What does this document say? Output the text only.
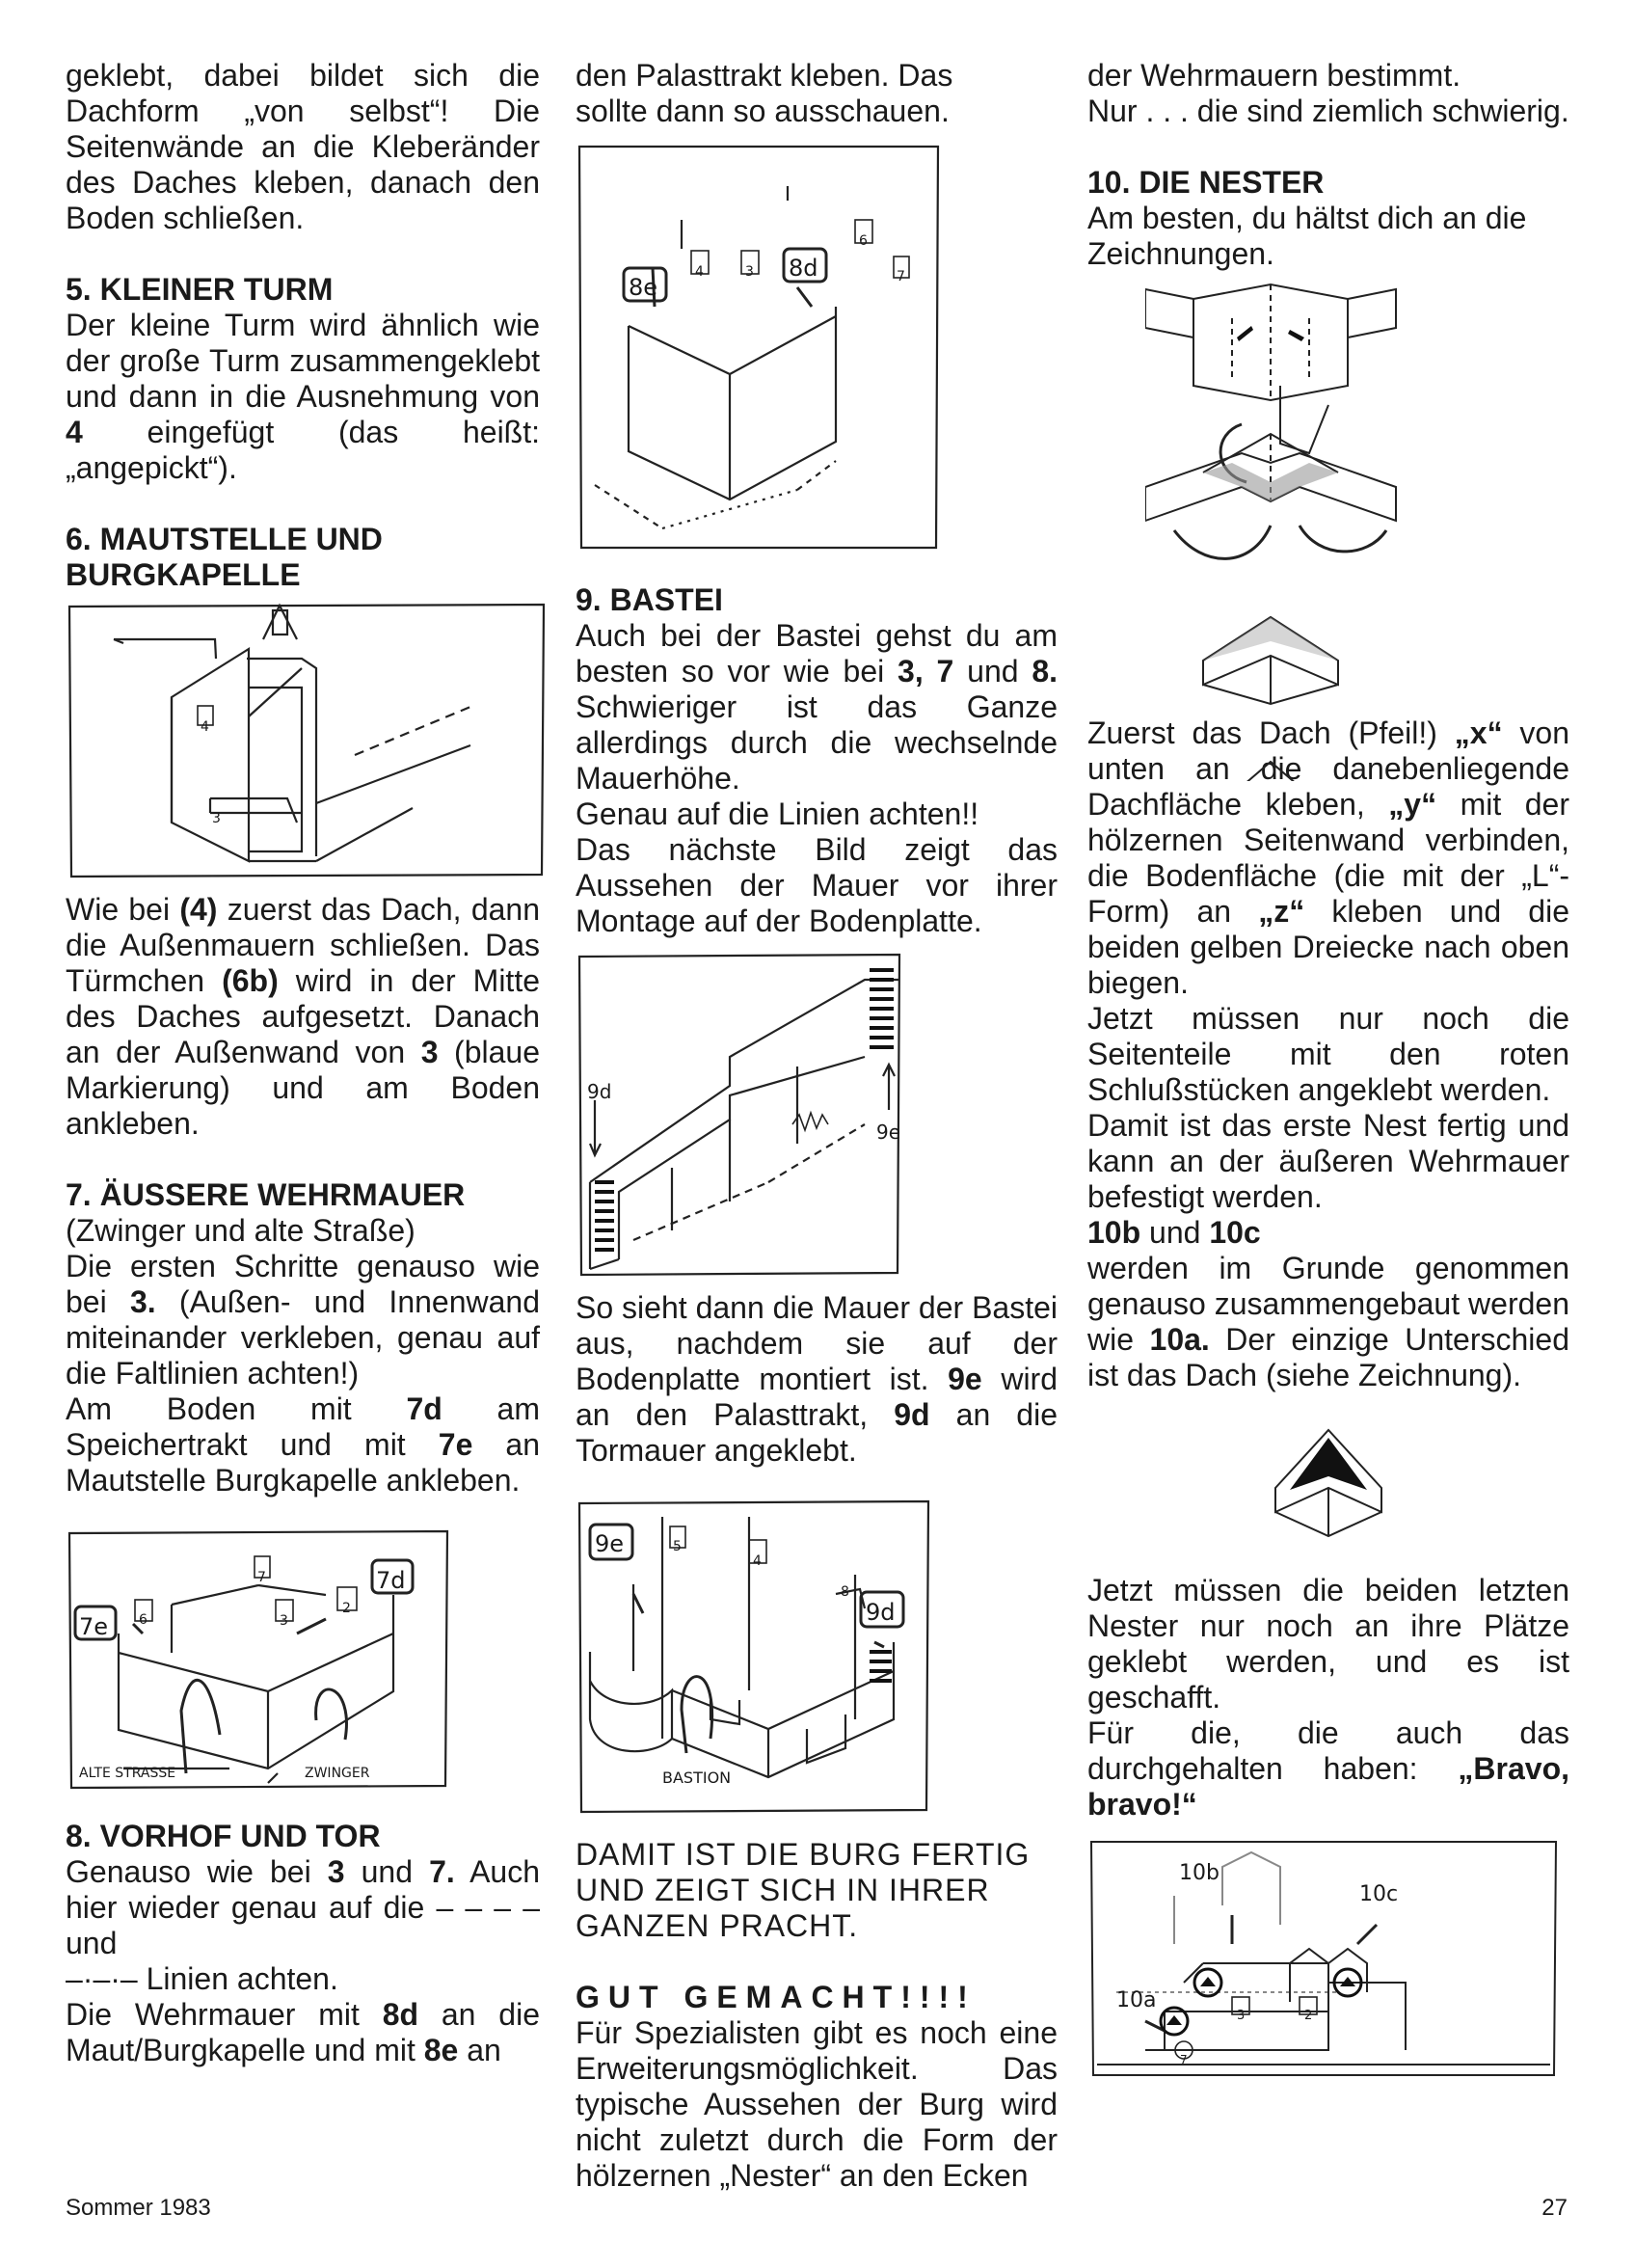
geklebt, dabei bildet sich die Dachform „von selbst“! Die Seitenwände an die Kleberänder des Daches kleben, danach den Boden schließen.

5. KLEINER TURM

Der kleine Turm wird ähnlich wie der große Turm zusammengeklebt und dann in die Ausnehmung von 4 eingefügt (das heißt: „angepickt“).

6. MAUTSTELLE UND BURGKAPELLE
4
3

Wie bei (4) zuerst das Dach, dann die Außenmauern schließen. Das Türmchen (6b) wird in der Mitte des Daches aufgesetzt. Danach an der Außenwand von 3 (blaue Markierung) und am Boden ankleben.

7. ÄUSSERE WEHRMAUER

(Zwinger und alte Straße)

Die ersten Schritte genauso wie bei 3. (Außen- und Innenwand miteinander verkleben, genau auf die Faltlinien achten!)

Am Boden mit 7d am Speichertrakt und mit 7e an Mautstelle Burgkapelle ankleben.

7e 6
7
3
2
7d
ALTE STRASSE	ZWINGER
8. VORHOF UND TOR

Genauso wie bei 3 und 7. Auch hier wieder genau auf die – – – – und
–·–·– Linien achten.

Die Wehrmauer mit 8d an die Maut/Burgkapelle und mit 8e an

den Palasttrakt kleben. Das sollte dann so ausschauen.

8e
4	3 8d
6
7
9. BASTEI

Auch bei der Bastei gehst du am besten so vor wie bei 3, 7 und 8. Schwieriger ist das Ganze allerdings durch die wechselnde Mauerhöhe.

Genau auf die Linien achten!!

Das nächste Bild zeigt das Aussehen der Mauer vor ihrer Montage auf der Bodenplatte.

9d
9e

So sieht dann die Mauer der Bastei aus, nachdem sie auf der Bodenplatte montiert ist. 9e wird an den Palasttrakt, 9d an die Tormauer angeklebt.

9e	5
4
8
9d
BASTION

DAMIT IST DIE BURG FERTIG UND ZEIGT SICH IN IHRER GANZEN PRACHT.

GUT GEMACHT!!!!

Für Spezialisten gibt es noch eine Erweiterungsmöglichkeit. Das typische Aussehen der Burg wird nicht zuletzt durch die Form der hölzernen „Nester“ an den Ecken

der Wehrmauern bestimmt.

Nur . . . die sind ziemlich schwierig.

10. DIE NESTER

Am besten, du hältst dich an die Zeichnungen.

Zuerst das Dach (Pfeil!) „x“ von unten an die danebenliegende Dachfläche kleben, „y“ mit der hölzernen Seitenwand verbinden, die Bodenfläche (die mit der „L“-Form) an „z“ kleben und die beiden gelben Dreiecke nach oben biegen.

Jetzt müssen nur noch die Seitenteile mit den roten Schlußstücken angeklebt werden.

Damit ist das erste Nest fertig und kann an der äußeren Wehrmauer befestigt werden.

10b und 10c

werden im Grunde genommen genauso zusammengebaut werden wie 10a. Der einzige Unterschied ist das Dach (siehe Zeichnung).

Jetzt müssen die beiden letzten Nester nur noch an ihre Plätze geklebt werden, und es ist geschafft.

Für die, die auch das durchgehalten haben: „Bravo, bravo!“

10b
10c
10a
3	2
7
Sommer 1983	27
